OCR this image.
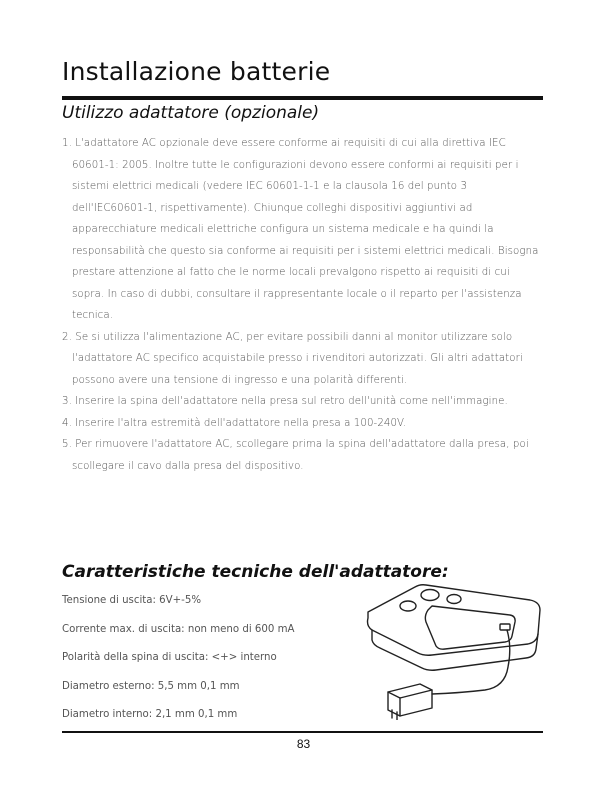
Installazione batterie
Utilizzo adattatore (opzionale)

1. L'adattatore AC opzionale deve essere conforme ai requisiti di cui alla direttiva IEC 60601-1: 2005. Inoltre tutte le configurazioni devono essere conformi ai requisiti per i sistemi elettrici medicali (vedere IEC 60601-1-1 e la clausola 16 del punto 3 dell'IEC60601-1, rispettivamente). Chiunque colleghi dispositivi aggiuntivi ad apparecchiature medicali elettriche configura un sistema medicale e ha quindi la responsabilità che questo sia conforme ai requisiti per i sistemi elettrici medicali. Bisogna prestare attenzione al fatto che le norme locali prevalgono rispetto ai requisiti di cui sopra. In caso di dubbi, consultare il rappresentante locale o il reparto per l'assistenza tecnica.

2. Se si utilizza l'alimentazione AC, per evitare possibili danni al monitor utilizzare solo l'adattatore AC specifico acquistabile presso i rivenditori autorizzati. Gli altri adattatori possono avere una tensione di ingresso e una polarità differenti.

3. Inserire la spina dell'adattatore nella presa sul retro dell'unità come nell'immagine.

4. Inserire l'altra estremità dell'adattatore nella presa a 100-240V.

5. Per rimuovere l'adattatore AC, scollegare prima la spina dell'adattatore dalla presa, poi scollegare il cavo dalla presa del dispositivo.

Caratteristiche tecniche dell'adattatore:
Tensione di uscita: 6V+-5%
Corrente max. di uscita: non meno di 600 mA
Polarità della spina di uscita: <+> interno
Diametro esterno: 5,5 mm 0,1 mm
Diametro interno: 2,1 mm 0,1 mm
83
